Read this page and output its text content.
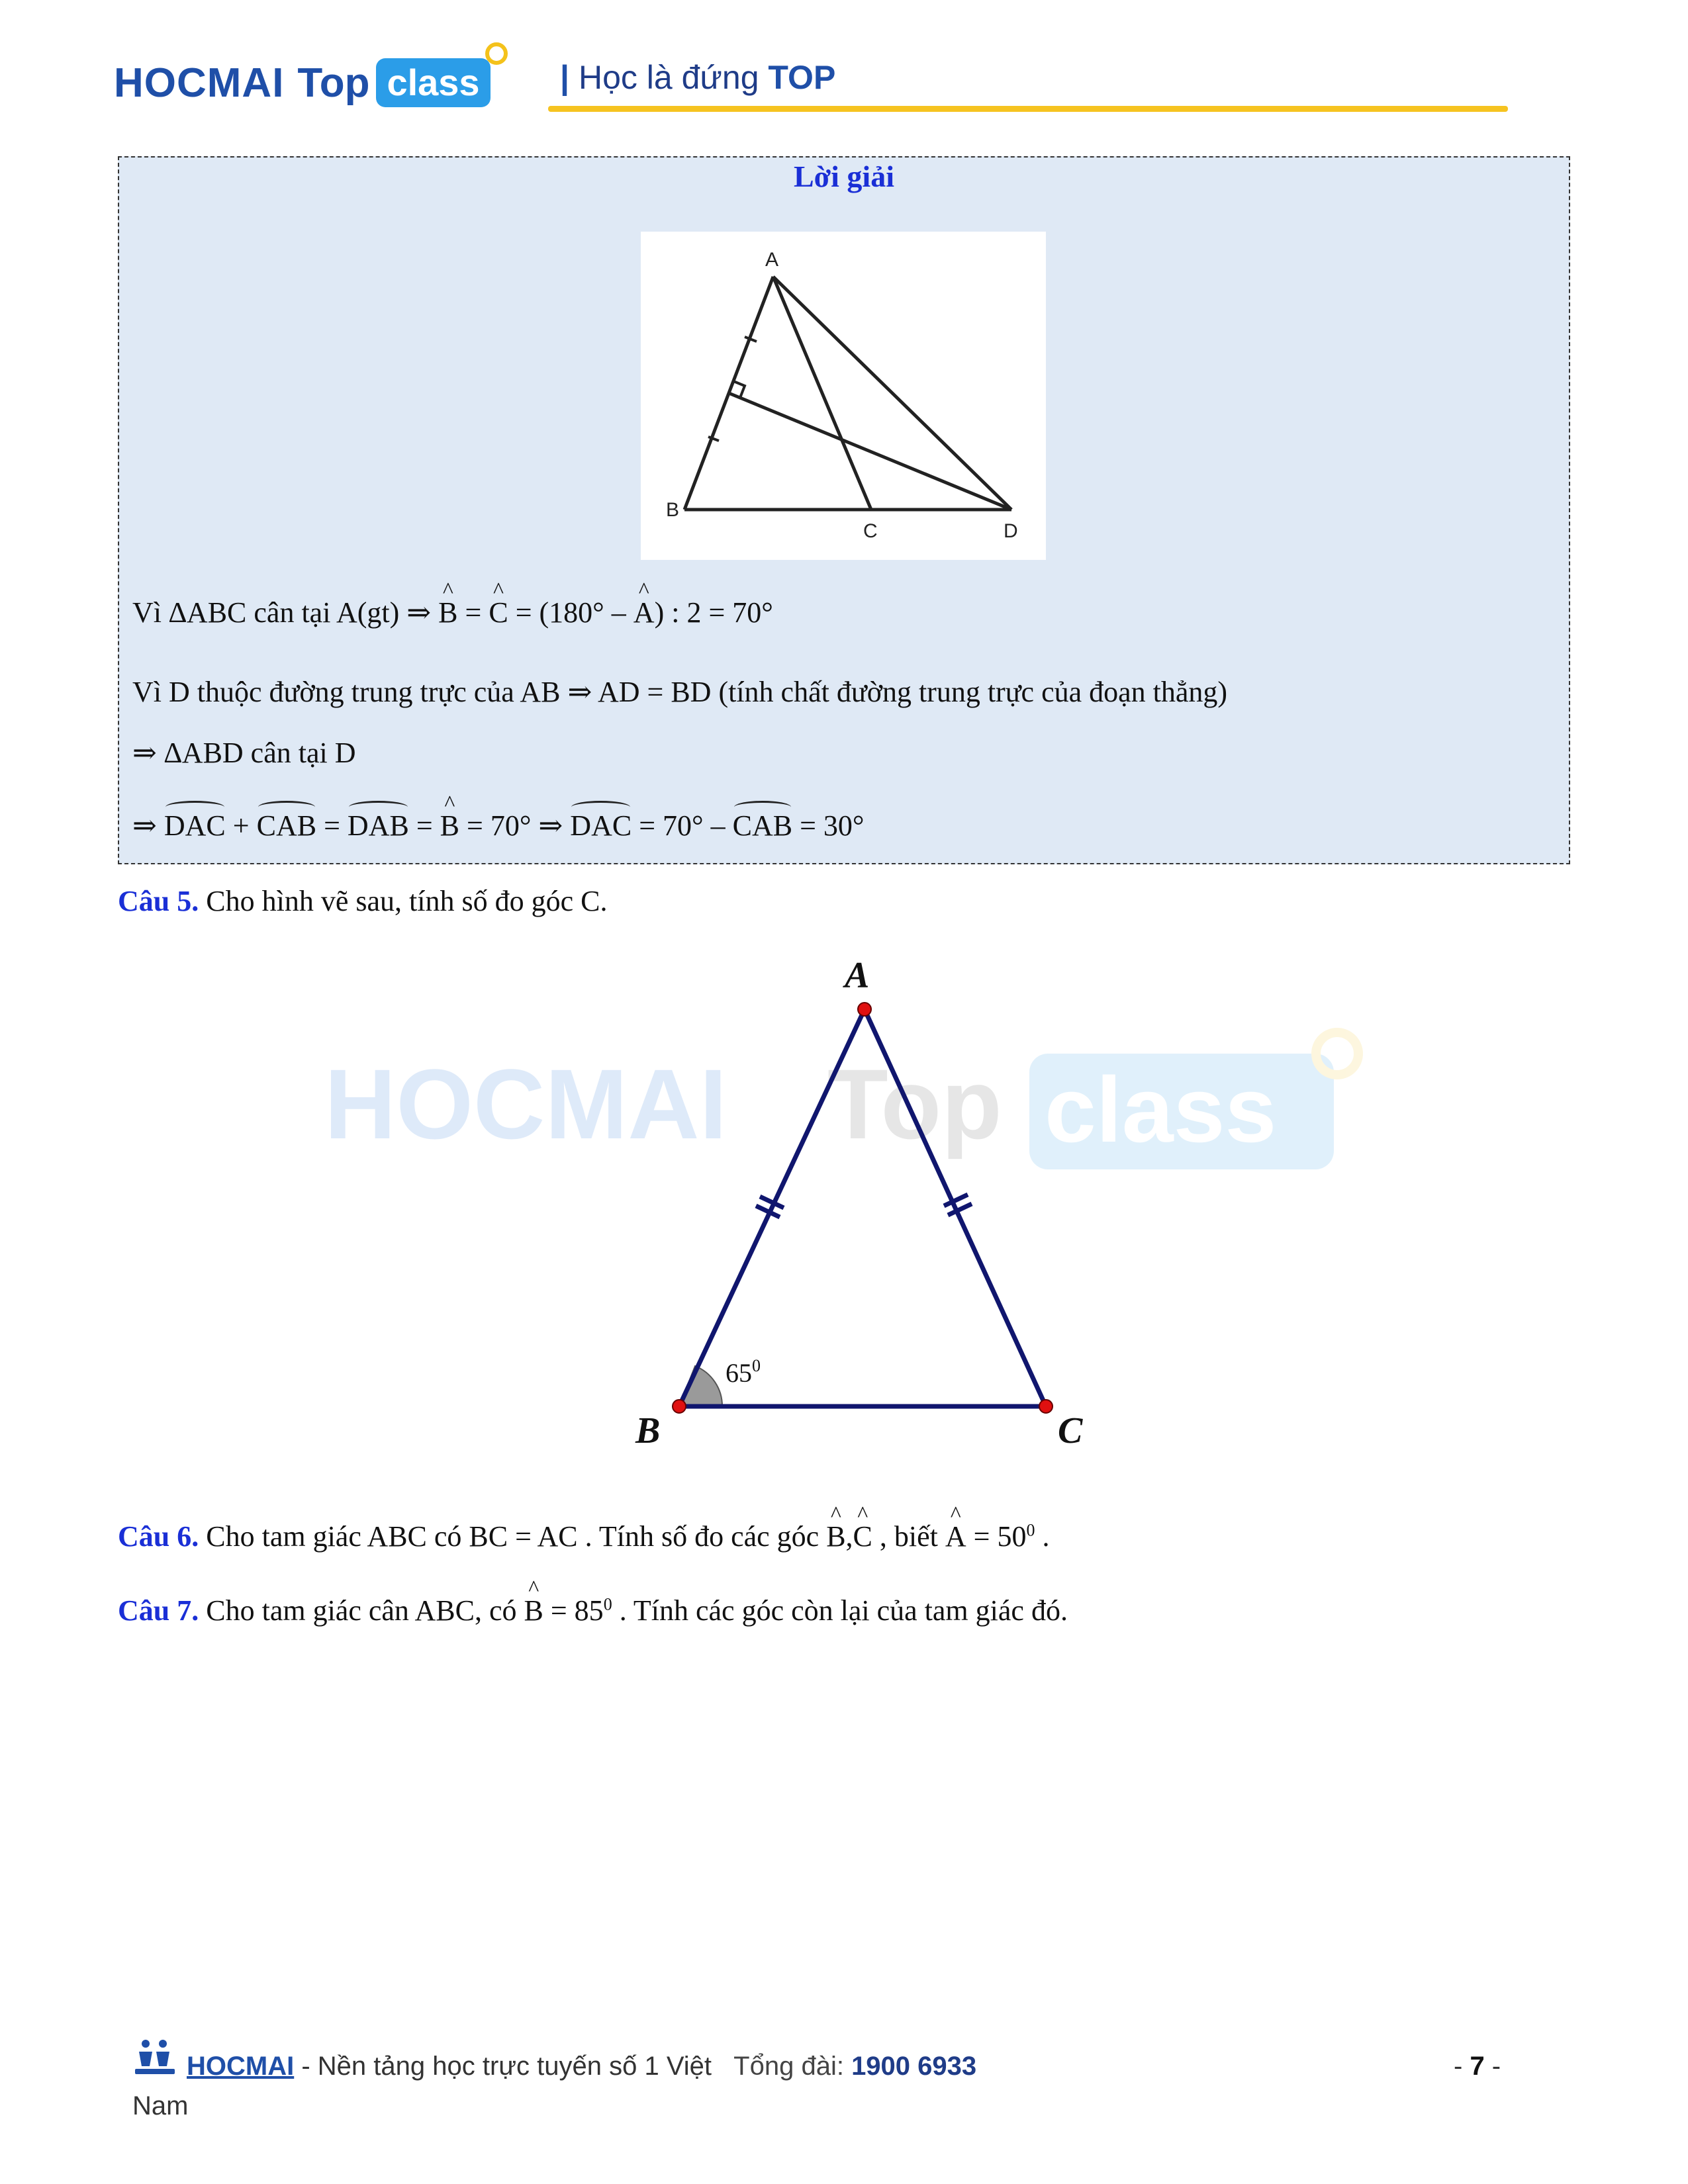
HOCMAI Top class	| Học là đứng TOP
Lời giải
A
B
C	D
Vì ∆ABC cân tại A(gt) ⇒ ^ B = ^ C = (180° – ^ A) : 2 = 70°
Vì D thuộc đường trung trực của AB ⇒ AD = BD (tính chất đường trung trực của đoạn thẳng)
⇒ ∆ABD cân tại D
⇒ DAC + CAB = DAB = ^ B = 70° ⇒ DAC = 70° – CAB = 30°
Câu 5. Cho hình vẽ sau, tính số đo góc C.
HOCMAI Top class
A
B	C
$65^0$
Câu 6. Cho tam giác ABC có BC = AC . Tính số đo các góc ^ B,^ C , biết ^ $A = 50^0$ .
Câu 7. Cho tam giác cân ABC, có ^ $B = 85^0$ . Tính các góc còn lại của tam giác đó.
HOCMAI - Nền tảng học trực tuyến số 1 Việt Tổng đài: 1900 6933	- 7 -
Nam
